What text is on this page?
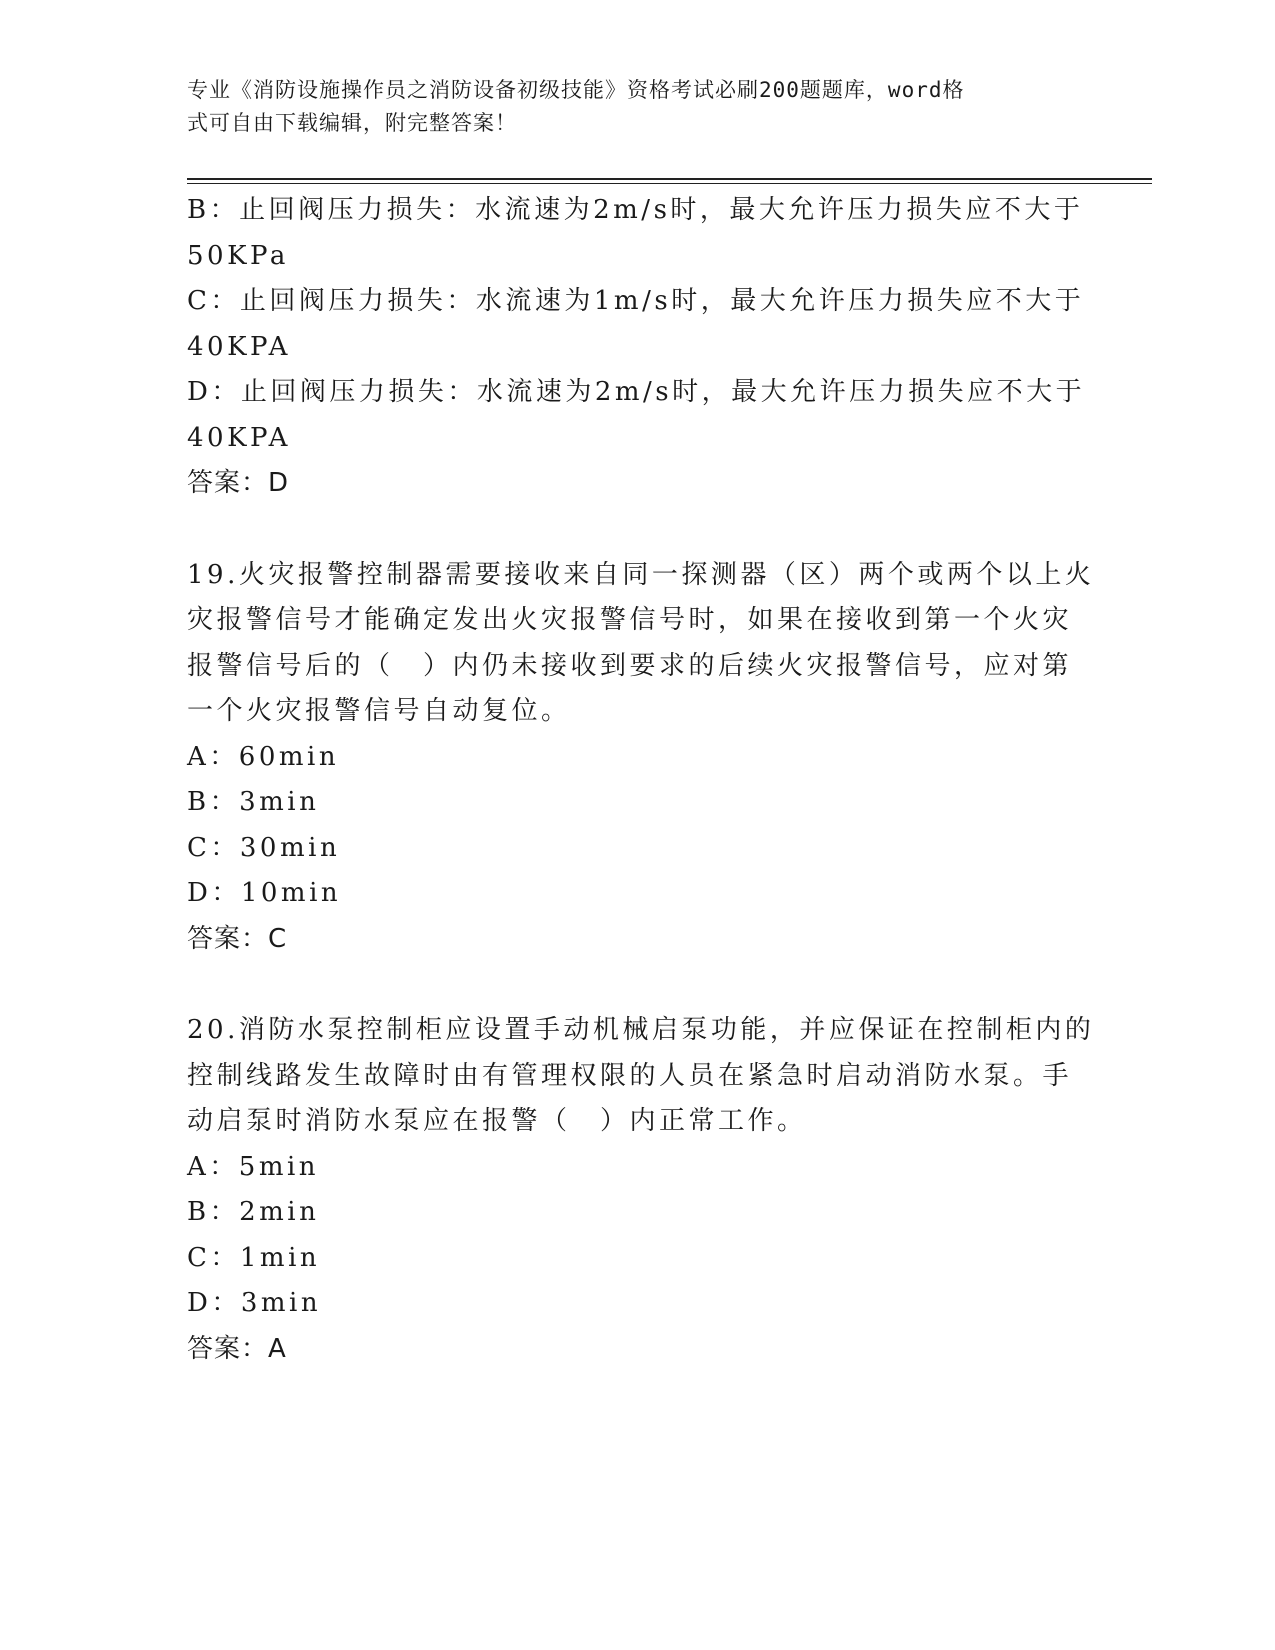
专业《消防设施操作员之消防设备初级技能》资格考试必刷200题题库，word格
式可自由下载编辑，附完整答案！
B：止回阀压力损失：水流速为2m/s时，最大允许压力损失应不大于
50KPa
C：止回阀压力损失：水流速为1m/s时，最大允许压力损失应不大于
40KPA
D：止回阀压力损失：水流速为2m/s时，最大允许压力损失应不大于
40KPA
答案：D
19.火灾报警控制器需要接收来自同一探测器（区）两个或两个以上火
灾报警信号才能确定发出火灾报警信号时，如果在接收到第一个火灾
报警信号后的（　）内仍未接收到要求的后续火灾报警信号，应对第
一个火灾报警信号自动复位。
A：60min
B：3min
C：30min
D：10min
答案：C
20.消防水泵控制柜应设置手动机械启泵功能，并应保证在控制柜内的
控制线路发生故障时由有管理权限的人员在紧急时启动消防水泵。手
动启泵时消防水泵应在报警（　）内正常工作。
A：5min
B：2min
C：1min
D：3min
答案：A
